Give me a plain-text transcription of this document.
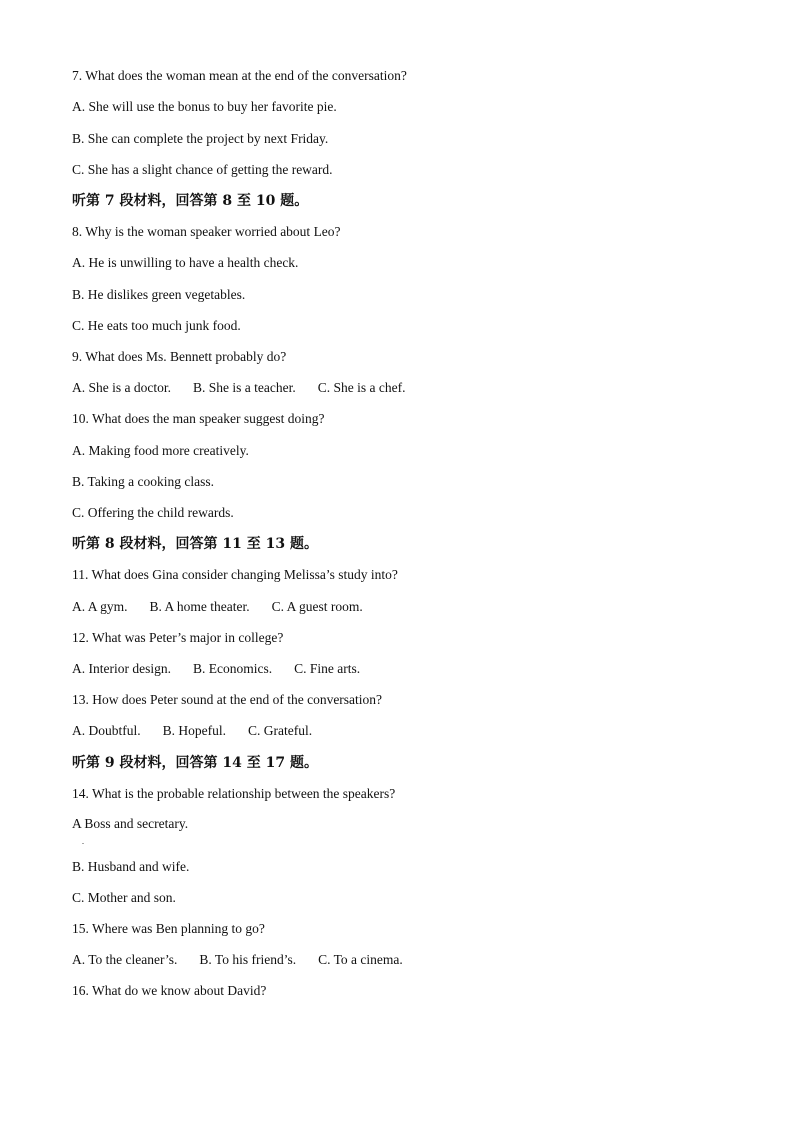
7. What does the woman mean at the end of the conversation?
A. She will use the bonus to buy her favorite pie.
B. She can complete the project by next Friday.
C. She has a slight chance of getting the reward.
听第 7 段材料，回答第 8 至 10 题。
8. Why is the woman speaker worried about Leo?
A. He is unwilling to have a health check.
B. He dislikes green vegetables.
C. He eats too much junk food.
9. What does Ms. Bennett probably do?
A. She is a doctor. B. She is a teacher. C. She is a chef.
10. What does the man speaker suggest doing?
A. Making food more creatively.
B. Taking a cooking class.
C. Offering the child rewards.
听第 8 段材料，回答第 11 至 13 题。
11. What does Gina consider changing Melissa’s study into?
A. A gym. B. A home theater. C. A guest room.
12. What was Peter’s major in college?
A. Interior design. B. Economics. C. Fine arts.
13. How does Peter sound at the end of the conversation?
A. Doubtful. B. Hopeful. C. Grateful.
听第 9 段材料，回答第 14 至 17 题。
14. What is the probable relationship between the speakers?
A Boss and secretary.
.
B. Husband and wife.
C. Mother and son.
15. Where was Ben planning to go?
A. To the cleaner’s. B. To his friend’s. C. To a cinema.
16. What do we know about David?
